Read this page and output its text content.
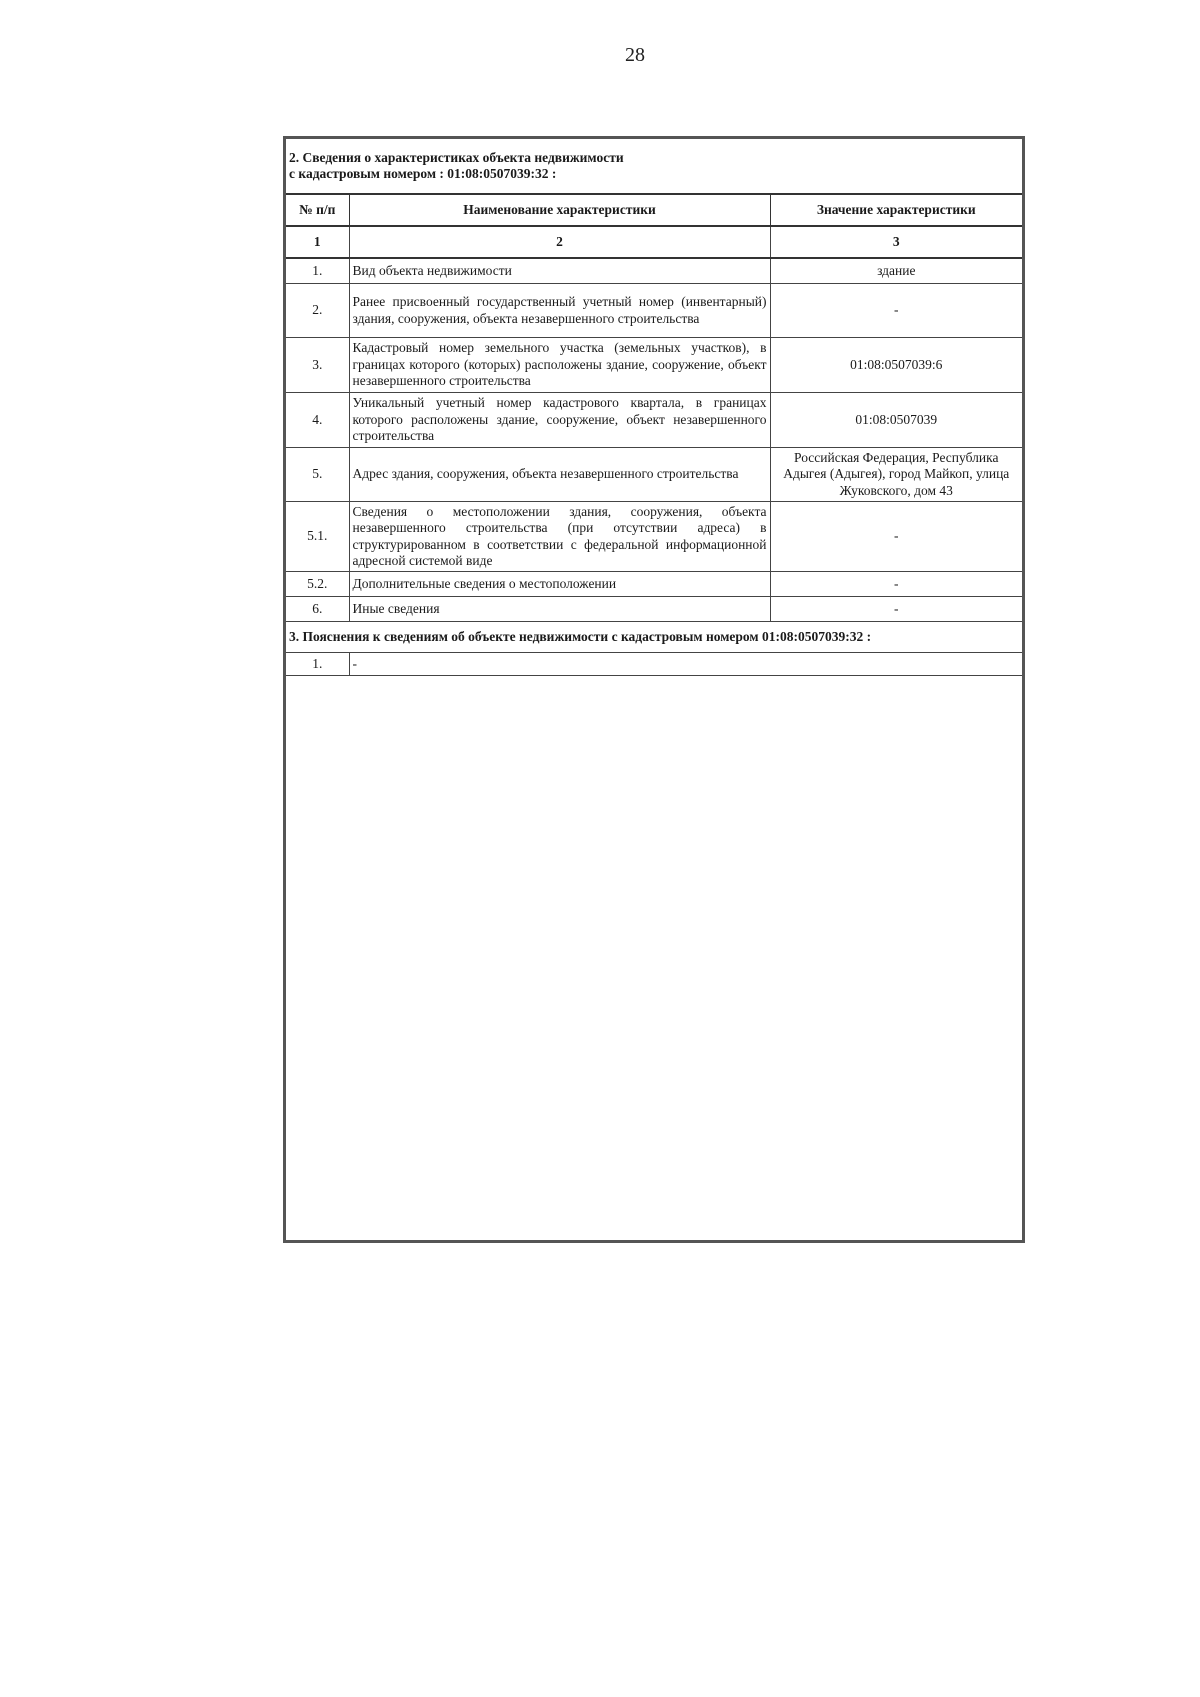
28
2. Сведения о характеристиках объекта недвижимости
с кадастровым номером : 01:08:0507039:32 :		

№ п/п	Наименование характеристики	Значение характеристики
1	2	3
1.	Вид объекта недвижимости	здание
2.	Ранее присвоенный государственный учетный номер (инвентарный) здания, сооружения, объекта незавершенного строительства	-
3.	Кадастровый номер земельного участка (земельных участков), в границах которого (которых) расположены здание, сооружение, объект незавершенного строительства	01:08:0507039:6
4.	Уникальный учетный номер кадастрового квартала, в границах которого расположены здание, сооружение, объект незавершенного строительства	01:08:0507039
5.	Адрес здания, сооружения, объекта незавершенного строительства	Российская Федерация, Республика Адыгея (Адыгея), город Майкоп, улица Жуковского, дом 43
5.1.	Сведения о местоположении здания, сооружения, объекта незавершенного строительства (при отсутствии адреса) в структурированном в соответствии с федеральной информационной адресной системой виде	-
5.2.	Дополнительные сведения о местоположении	-
6.	Иные сведения	-
3. Пояснения к сведениям об объекте недвижимости с кадастровым номером 01:08:0507039:32 :		
1.	-	
